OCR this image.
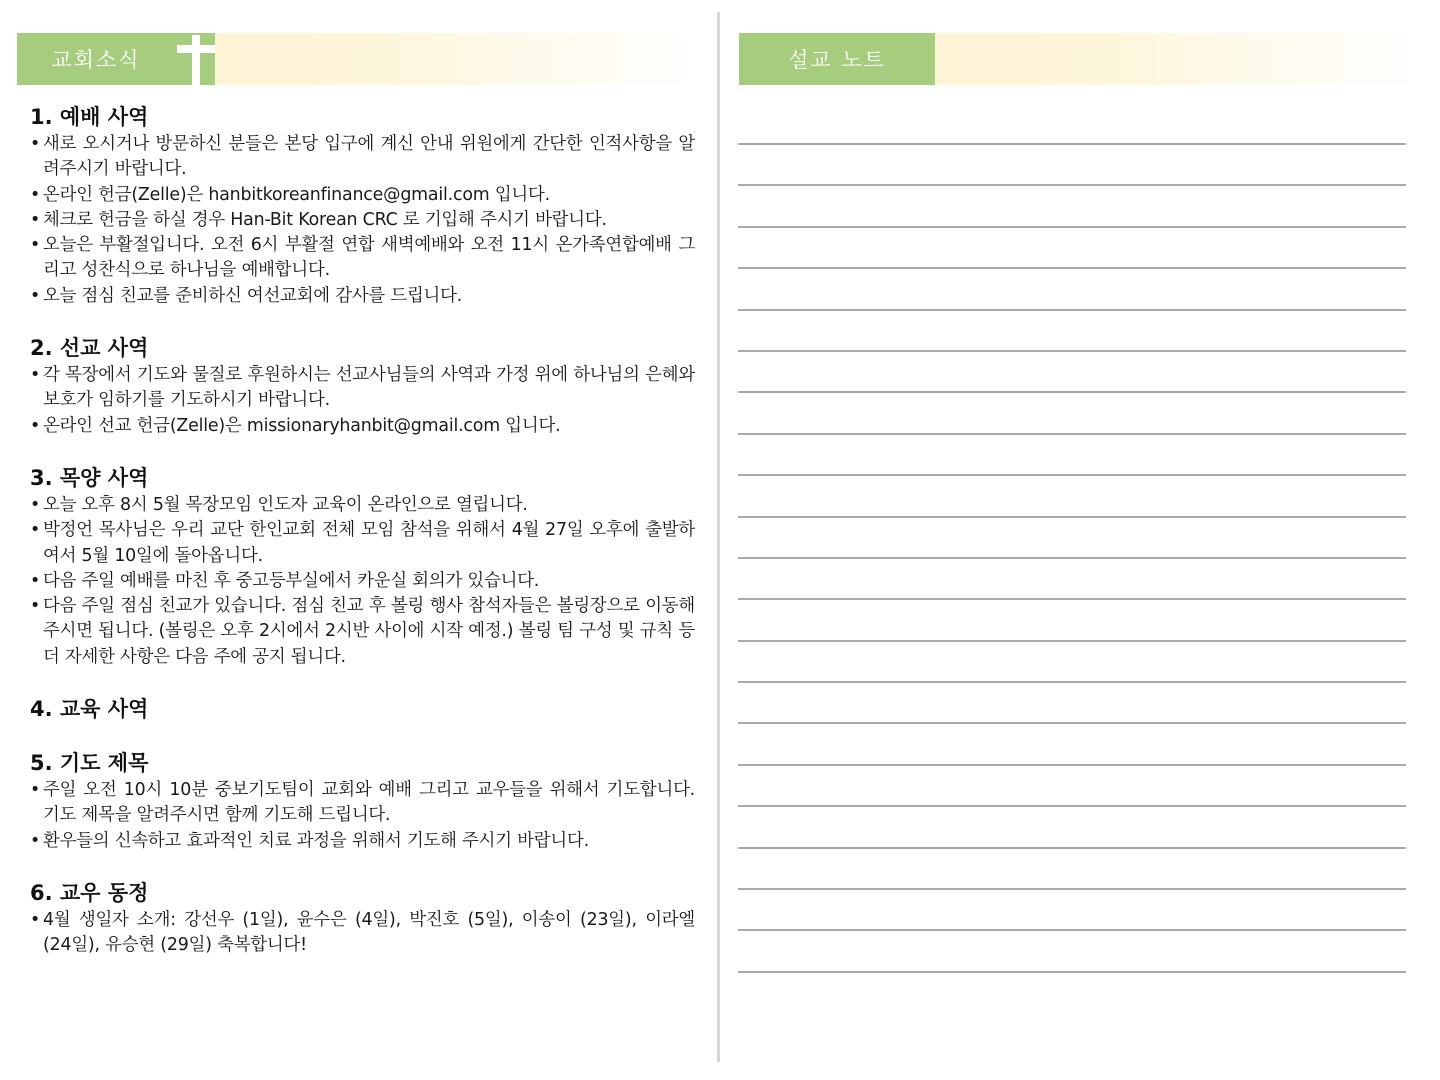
교회소식	설교 노트
1. 예배 사역
• 새로 오시거나 방문하신 분들은 본당 입구에 계신 안내 위원에게 간단한 인적사항을 알려주시기 바랍니다.
• 온라인 헌금(Zelle)은 hanbitkoreanfinance@gmail.com 입니다.
• 체크로 헌금을 하실 경우 Han-Bit Korean CRC 로 기입해 주시기 바랍니다.
• 오늘은 부활절입니다. 오전 6시 부활절 연합 새벽예배와 오전 11시 온가족연합예배 그리고 성찬식으로 하나님을 예배합니다.
• 오늘 점심 친교를 준비하신 여선교회에 감사를 드립니다.
2. 선교 사역
• 각 목장에서 기도와 물질로 후원하시는 선교사님들의 사역과 가정 위에 하나님의 은혜와 보호가 임하기를 기도하시기 바랍니다.
• 온라인 선교 헌금(Zelle)은 missionaryhanbit@gmail.com 입니다.
3. 목양 사역
• 오늘 오후 8시 5월 목장모임 인도자 교육이 온라인으로 열립니다.
• 박정언 목사님은 우리 교단 한인교회 전체 모임 참석을 위해서 4월 27일 오후에 출발하여서 5월 10일에 돌아옵니다.
• 다음 주일 예배를 마친 후 중고등부실에서 카운실 회의가 있습니다.
• 다음 주일 점심 친교가 있습니다. 점심 친교 후 볼링 행사 참석자들은 볼링장으로 이동해주시면 됩니다. (볼링은 오후 2시에서 2시반 사이에 시작 예정.) 볼링 팀 구성 및 규칙 등 더 자세한 사항은 다음 주에 공지 됩니다.
4. 교육 사역
5. 기도 제목
• 주일 오전 10시 10분 중보기도팀이 교회와 예배 그리고 교우들을 위해서 기도합니다. 기도 제목을 알려주시면 함께 기도해 드립니다.
• 환우들의 신속하고 효과적인 치료 과정을 위해서 기도해 주시기 바랍니다.
6. 교우 동정
• 4월 생일자 소개: 강선우 (1일), 윤수은 (4일), 박진호 (5일), 이송이 (23일), 이라엘 (24일), 유승현 (29일) 축복합니다!
